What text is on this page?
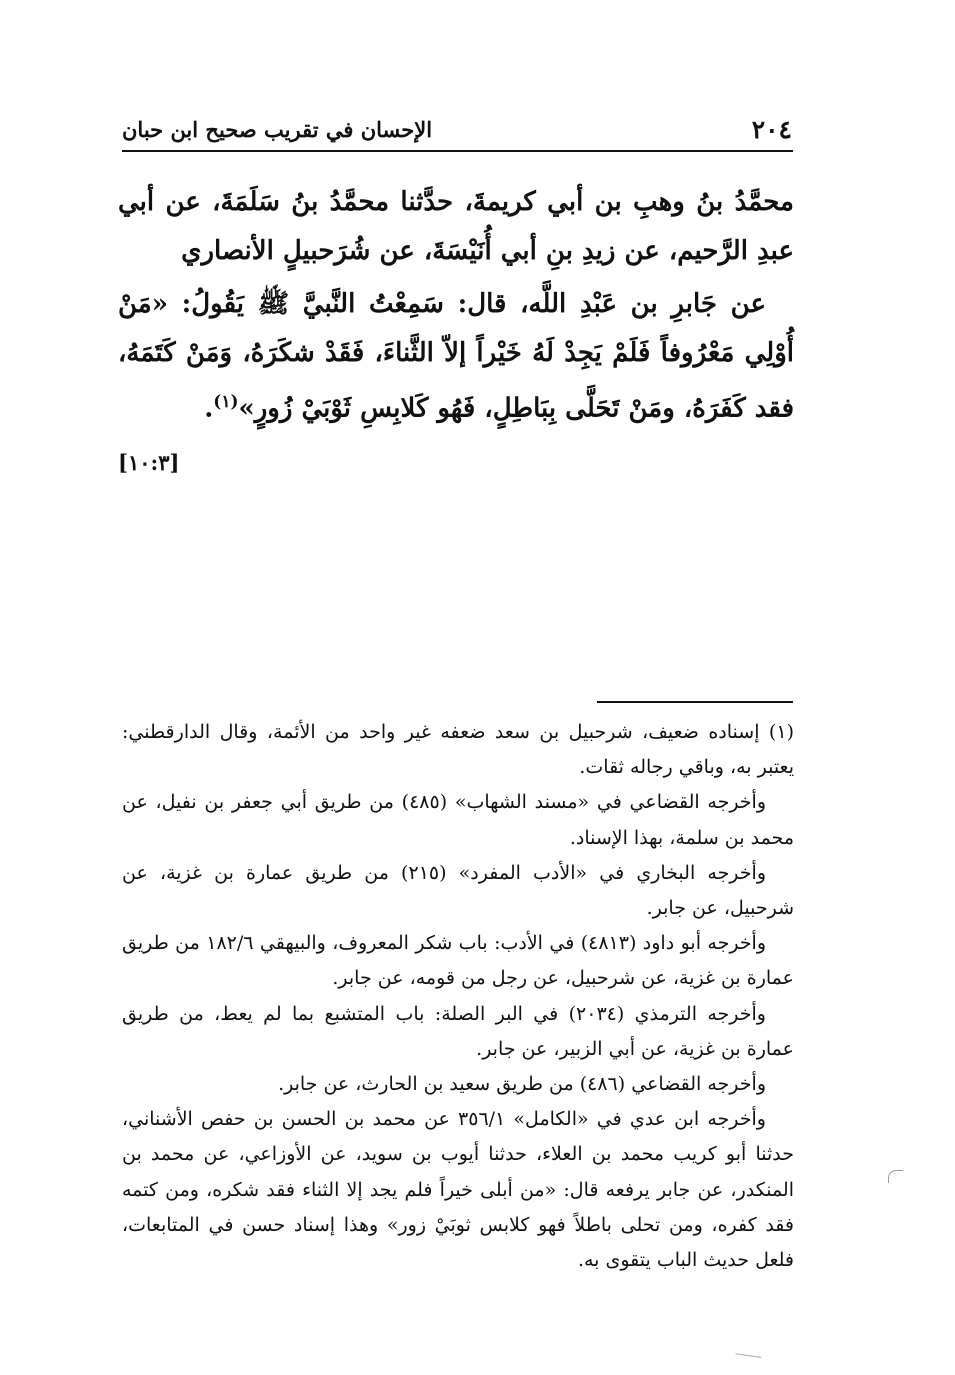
٢٠٤
الإحسان في تقريب صحيح ابن حبان

محمَّدُ بنُ وهبِ بن أبي كريمةَ، حدَّثنا محمَّدُ بنُ سَلَمَةَ، عن أبي عبدِ الرَّحيم، عن زيدِ بنِ أبي أُنَيْسَةَ، عن شُرَحبيلٍ الأنصاري

عن جَابرِ بن عَبْدِ اللَّه، قال: سَمِعْتُ النَّبيَّ ﷺ يَقُولُ: «مَنْ أُوْلِي مَعْرُوفاً فَلَمْ يَجِدْ لَهُ خَيْراً إلاّ الثَّناءَ، فَقَدْ شكَرَهُ، وَمَنْ كَتَمَهُ، فقد كَفَرَهُ، ومَنْ تَحَلَّى بِبَاطِلٍ، فَهُو كَلابِسِ ثَوْبَيْ زُورٍ»$^{(١)}$.

[١٠:٣]

(١) إسناده ضعيف، شرحبيل بن سعد ضعفه غير واحد من الأئمة، وقال الدارقطني: يعتبر به، وباقي رجاله ثقات.

وأخرجه القضاعي في «مسند الشهاب» (٤٨٥) من طريق أبي جعفر بن نفيل، عن محمد بن سلمة، بهذا الإسناد.

وأخرجه البخاري في «الأدب المفرد» (٢١٥) من طريق عمارة بن غزية، عن شرحبيل، عن جابر.

وأخرجه أبو داود (٤٨١٣) في الأدب: باب شكر المعروف، والبيهقي ١٨٢/٦ من طريق عمارة بن غزية، عن شرحبيل، عن رجل من قومه، عن جابر.

وأخرجه الترمذي (٢٠٣٤) في البر الصلة: باب المتشبع بما لم يعط، من طريق عمارة بن غزية، عن أبي الزبير، عن جابر.

وأخرجه القضاعي (٤٨٦) من طريق سعيد بن الحارث، عن جابر.

وأخرجه ابن عدي في «الكامل» ٣٥٦/١ عن محمد بن الحسن بن حفص الأشناني، حدثنا أبو كريب محمد بن العلاء، حدثنا أيوب بن سويد، عن الأوزاعي، عن محمد بن المنكدر، عن جابر يرفعه قال: «من أبلى خيراً فلم يجد إلا الثناء فقد شكره، ومن كتمه فقد كفره، ومن تحلى باطلاً فهو كلابس ثوبَيْ زور» وهذا إسناد حسن في المتابعات، فلعل حديث الباب يتقوى به.
